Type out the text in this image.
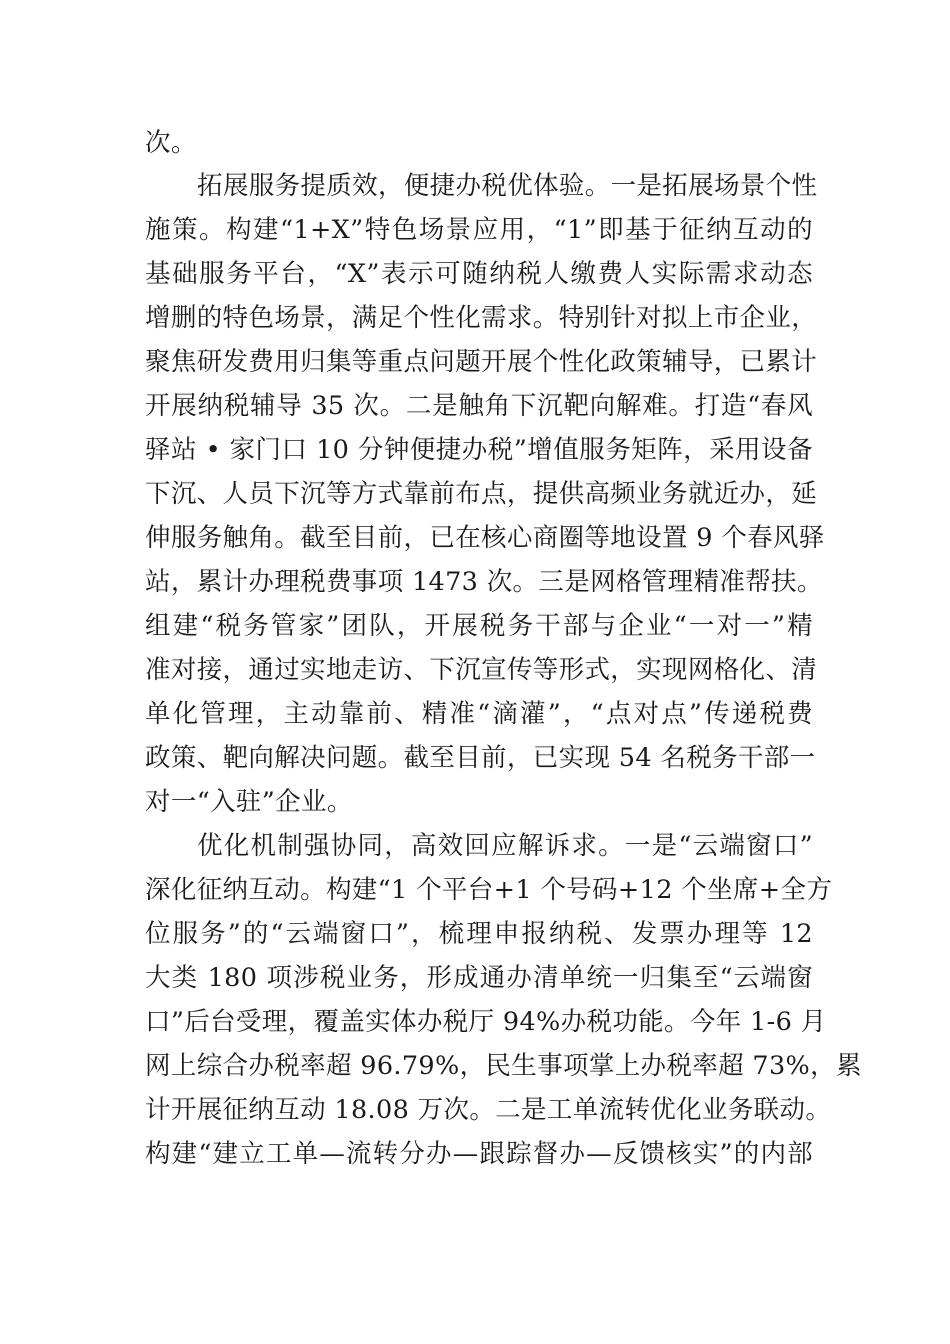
次。
拓展服务提质效，便捷办税优体验。一是拓展场景个性
施策。构建“1+X”特色场景应用，“1”即基于征纳互动的
基础服务平台，“X”表示可随纳税人缴费人实际需求动态
增删的特色场景，满足个性化需求。特别针对拟上市企业，
聚焦研发费用归集等重点问题开展个性化政策辅导，已累计
开展纳税辅导 35 次。二是触角下沉靶向解难。打造“春风
驿站 • 家门口 10 分钟便捷办税”增值服务矩阵，采用设备
下沉、人员下沉等方式靠前布点，提供高频业务就近办，延
伸服务触角。截至目前，已在核心商圈等地设置 9 个春风驿
站，累计办理税费事项 1473 次。三是网格管理精准帮扶。
组建“税务管家”团队，开展税务干部与企业“一对一”精
准对接，通过实地走访、下沉宣传等形式，实现网格化、清
单化管理，主动靠前、精准“滴灌”，“点对点”传递税费
政策、靶向解决问题。截至目前，已实现 54 名税务干部一
对一“入驻”企业。
优化机制强协同，高效回应解诉求。一是“云端窗口”
深化征纳互动。构建“1 个平台+1 个号码+12 个坐席+全方
位服务”的“云端窗口”，梳理申报纳税、发票办理等 12
大类 180 项涉税业务，形成通办清单统一归集至“云端窗
口”后台受理，覆盖实体办税厅 94%办税功能。今年 1-6 月
网上综合办税率超 96.79%，民生事项掌上办税率超 73%，累
计开展征纳互动 18.08 万次。二是工单流转优化业务联动。
构建“建立工单—流转分办—跟踪督办—反馈核实”的内部
